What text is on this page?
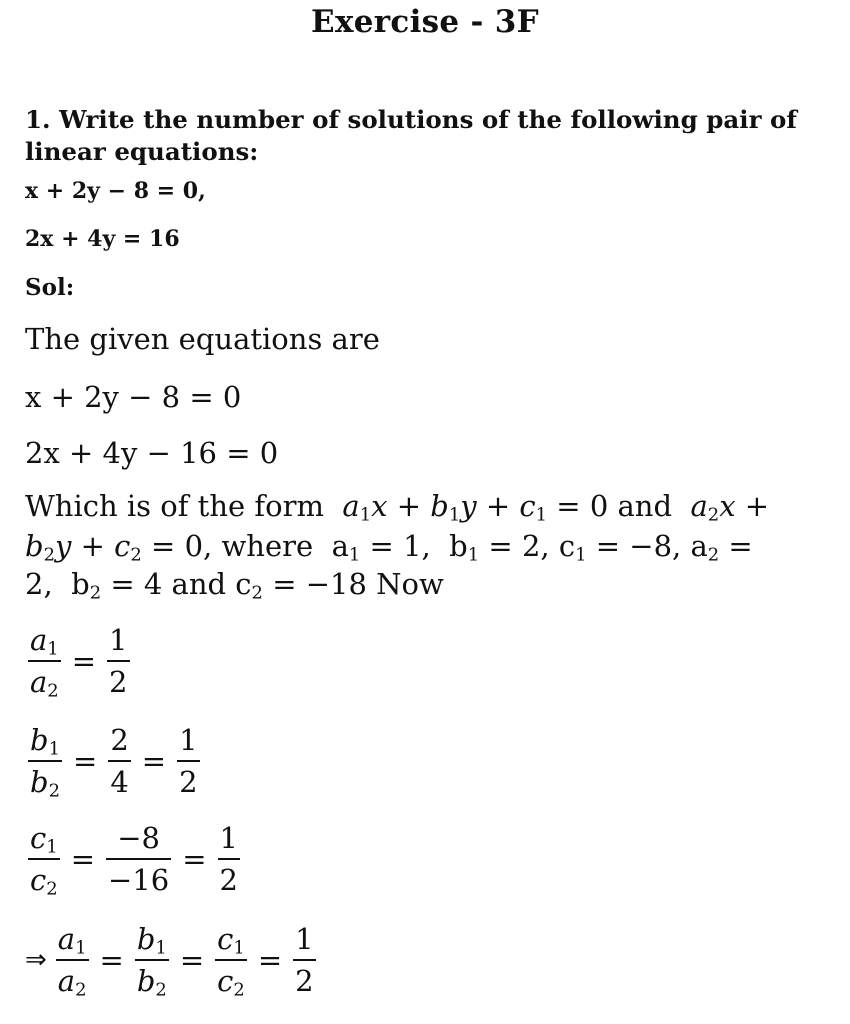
Exercise - 3F
1. Write the number of solutions of the following pair of linear equations:
x + 2y − 8 = 0,
2x + 4y = 16
Sol:
The given equations are
x + 2y − 8 = 0
2x + 4y − 16 = 0
Which is of the form $a_1x + b_1y + c_1 = 0$ and $a_2x$ +
$b_2y + c_2 = 0$, where  $a_1 = 1$,  $b_1 = 2$, $c_1 = -8$, $a_2$ =
2,  $b_2 = 4$ and $c_2 = -18$ Now
$\frac{a_1}{a_2} = \frac{1}{2}$
$\frac{b_1}{b_2} = \frac{2}{4} = \frac{1}{2}$
$\frac{c_1}{c_2} = \frac{-8}{-16} = \frac{1}{2}$
⇒ $\frac{a_1}{a_2} = \frac{b_1}{b_2} = \frac{c_1}{c_2} = \frac{1}{2}$
